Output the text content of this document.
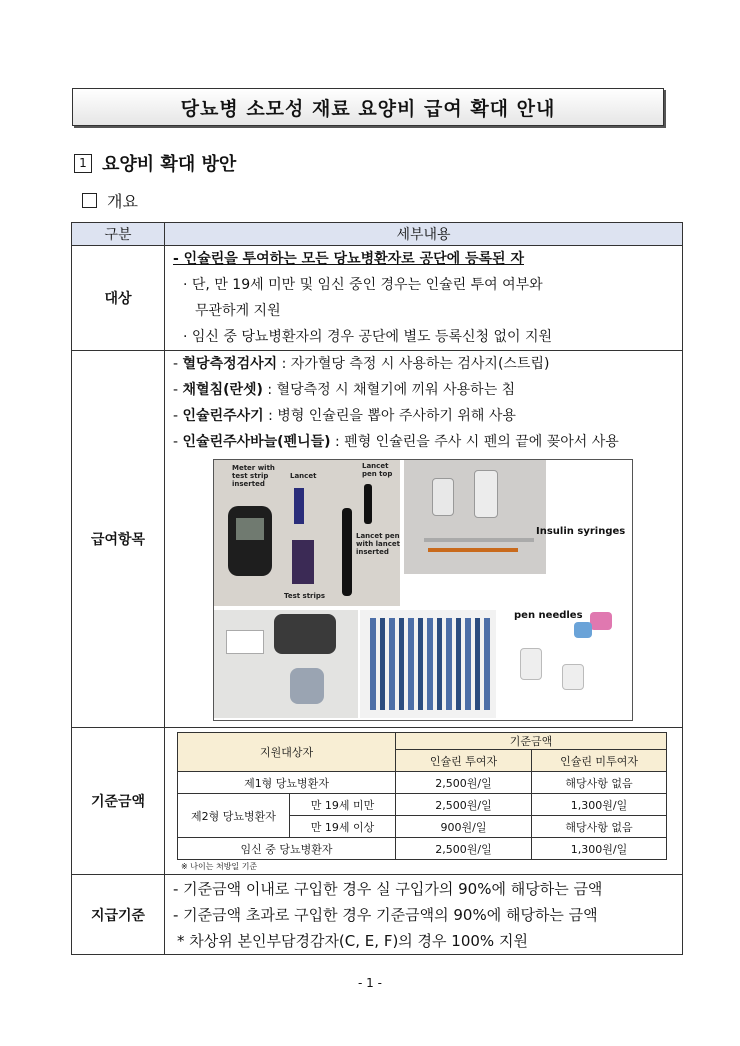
당뇨병 소모성 재료 요양비 급여 확대 안내
1 요양비 확대 방안
개요
구분	세부내용
대상	
- 인슐린을 투여하는 모든 당뇨병환자로 공단에 등록된 자
· 단, 만 19세 미만 및 임신 중인 경우는 인슐린 투여 여부와
무관하게 지원
· 임신 중 당뇨병환자의 경우 공단에 별도 등록신청 없이 지원

급여항목	
- 혈당측정검사지 : 자가혈당 측정 시 사용하는 검사지(스트립)
- 채혈침(란셋) : 혈당측정 시 채혈기에 끼워 사용하는 침
- 인슐린주사기 : 병형 인슐린을 뽑아 주사하기 위해 사용
- 인슐린주사바늘(펜니들) : 펜형 인슐린을 주사 시 펜의 끝에 꽂아서 사용
Meter with test strip inserted
Lancet
Lancet pen top
Lancet pen with lancet inserted
Test strips
Insulin syringes
pen needles

기준금액	
지원대상자	기준금액
인슐린 투여자	인슐린 미투여자
제1형 당뇨병환자	2,500원/일	해당사항 없음
제2형 당뇨병환자	만 19세 미만	2,500원/일	1,300원/일
만 19세 이상	900원/일	해당사항 없음
임신 중 당뇨병환자	2,500원/일	1,300원/일
※ 나이는 처방일 기준

지급기준	
- 기준금액 이내로 구입한 경우 실 구입가의 90%에 해당하는 금액
- 기준금액 초과로 구입한 경우 기준금액의 90%에 해당하는 금액
* 차상위 본인부담경감자(C, E, F)의 경우 100% 지원
- 1 -
